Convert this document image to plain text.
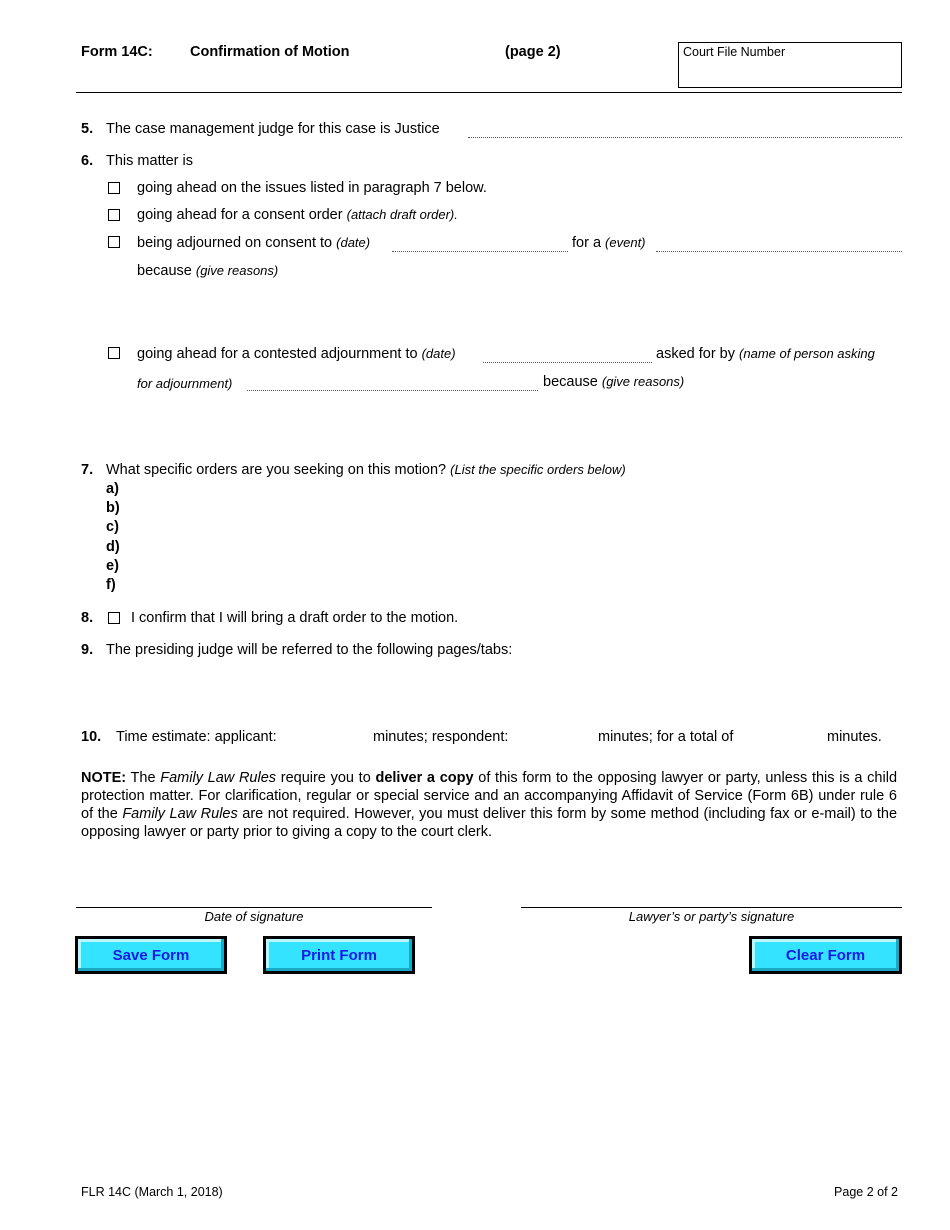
Form 14C:	Confirmation of Motion	(page 2)	Court File Number
5. The case management judge for this case is Justice
6. This matter is
going ahead on the issues listed in paragraph 7 below.
going ahead for a consent order (attach draft order).
being adjourned on consent to (date)	for a (event)
because (give reasons)
going ahead for a contested adjournment to (date)	asked for by (name of person asking
for adjournment)	because (give reasons)
7. What specific orders are you seeking on this motion? (List the specific orders below)
a)
b)
c)
d)
e)
f)
8.	I confirm that I will bring a draft order to the motion.
9. The presiding judge will be referred to the following pages/tabs:
10. Time estimate: applicant:	minutes; respondent:	minutes; for a total of	minutes.
NOTE: The Family Law Rules require you to deliver a copy of this form to the opposing lawyer or party, unless this is a child protection matter. For clarification, regular or special service and an accompanying Affidavit of Service (Form 6B) under rule 6 of the Family Law Rules are not required. However, you must deliver this form by some method (including fax or e-mail) to the opposing lawyer or party prior to giving a copy to the court clerk.
Date of signature	Lawyer’s or party’s signature
Save Form	Print Form	Clear Form
FLR 14C (March 1, 2018)	Page 2 of 2
